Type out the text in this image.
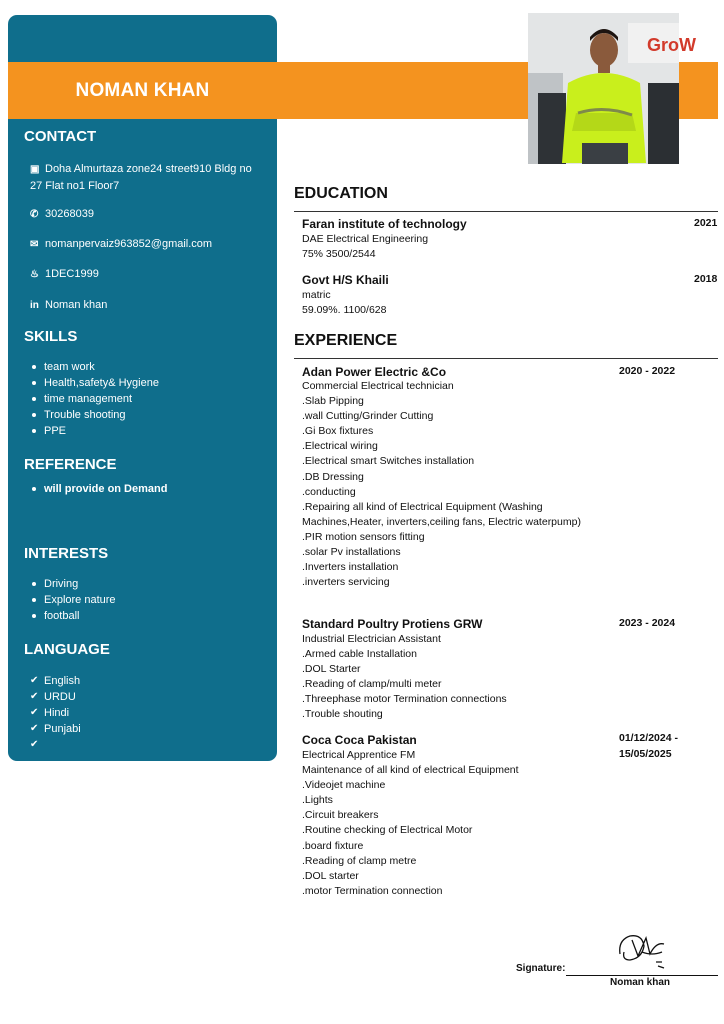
NOMAN KHAN
GroW
CONTACT
▣ Doha Almurtaza zone24 street910 Bldg no 27 Flat no1 Floor7
✆ 30268039
✉ nomanpervaiz963852@gmail.com
♨ 1DEC1999
in Noman khan
SKILLS
team work
Health,safety& Hygiene
time management
Trouble shooting
PPE
REFERENCE
will provide on Demand
INTERESTS
Driving
Explore nature
football
LANGUAGE
✔ English
✔ URDU
✔ Hindi
✔ Punjabi
✔
EDUCATION
Faran institute of technology	2021
DAE Electrical Engineering
75% 3500/2544
Govt H/S Khaili	2018
matric
59.09%. 1100/628
EXPERIENCE
Adan Power Electric &Co	2020 - 2022
Commercial Electrical technician
.Slab Pipping
.wall Cutting/Grinder Cutting
.Gi Box fixtures
.Electrical wiring
.Electrical smart Switches installation
.DB Dressing
.conducting
.Repairing all kind of Electrical Equipment (Washing
Machines,Heater, inverters,ceiling fans, Electric waterpump)
.PIR motion sensors fitting
.solar Pv installations
.Inverters installation
.inverters servicing
Standard Poultry Protiens GRW	2023 - 2024
Industrial Electrician Assistant
.Armed cable Installation
.DOL Starter
.Reading of clamp/multi meter
.Threephase motor Termination connections
.Trouble shouting
Coca Coca Pakistan	01/12/2024 -
15/05/2025
Electrical Apprentice FM
Maintenance of all kind of electrical Equipment
.Videojet machine
.Lights
.Circuit breakers
.Routine checking of Electrical Motor
.board fixture
.Reading of clamp metre
.DOL starter
.motor Termination connection
Signature:
Noman khan
